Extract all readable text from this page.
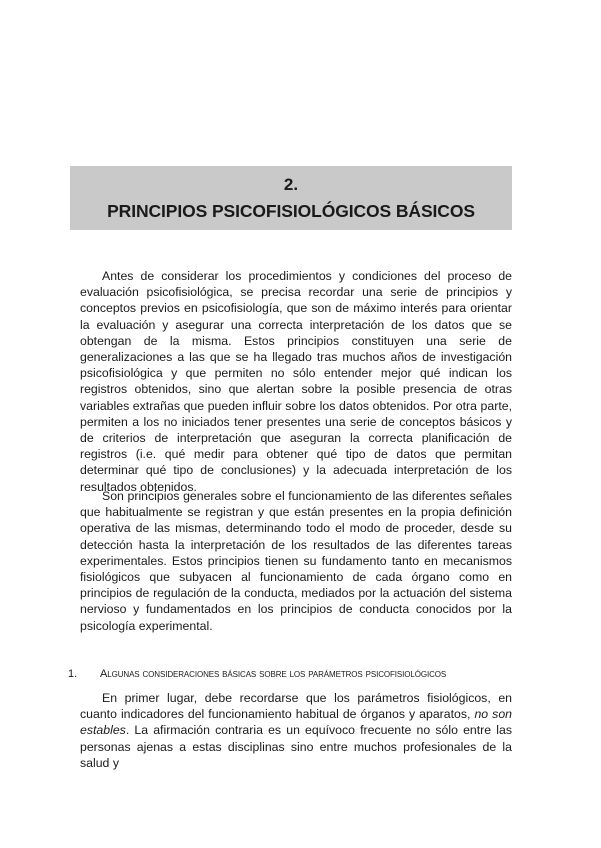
2.
PRINCIPIOS PSICOFISIOLÓGICOS BÁSICOS

Antes de considerar los procedimientos y condiciones del proceso de evaluación psicofisiológica, se precisa recordar una serie de principios y conceptos previos en psicofisiología, que son de máximo interés para orientar la evaluación y asegurar una correcta interpretación de los datos que se obtengan de la misma. Estos principios constituyen una serie de generalizaciones a las que se ha llegado tras muchos años de investigación psicofisiológica y que permiten no sólo entender mejor qué indican los registros obtenidos, sino que alertan sobre la posible presencia de otras variables extrañas que pueden influir sobre los datos obtenidos. Por otra parte, permiten a los no iniciados tener presentes una serie de conceptos básicos y de criterios de interpretación que aseguran la correcta planificación de registros (i.e. qué medir para obtener qué tipo de datos que permitan determinar qué tipo de conclusiones) y la adecuada interpretación de los resultados obtenidos.

Son principios generales sobre el funcionamiento de las diferentes señales que habitualmente se registran y que están presentes en la propia definición operativa de las mismas, determinando todo el modo de proceder, desde su detección hasta la interpretación de los resultados de las diferentes tareas experimentales. Estos principios tienen su fundamento tanto en mecanismos fisiológicos que subyacen al funcionamiento de cada órgano como en principios de regulación de la conducta, mediados por la actuación del sistema nervioso y fundamentados en los principios de conducta conocidos por la psicología experimental.

1. Algunas consideraciones básicas sobre los parámetros psicofisiológicos

En primer lugar, debe recordarse que los parámetros fisiológicos, en cuanto indicadores del funcionamiento habitual de órganos y aparatos, no son estables. La afirmación contraria es un equívoco frecuente no sólo entre las personas ajenas a estas disciplinas sino entre muchos profesionales de la salud y
